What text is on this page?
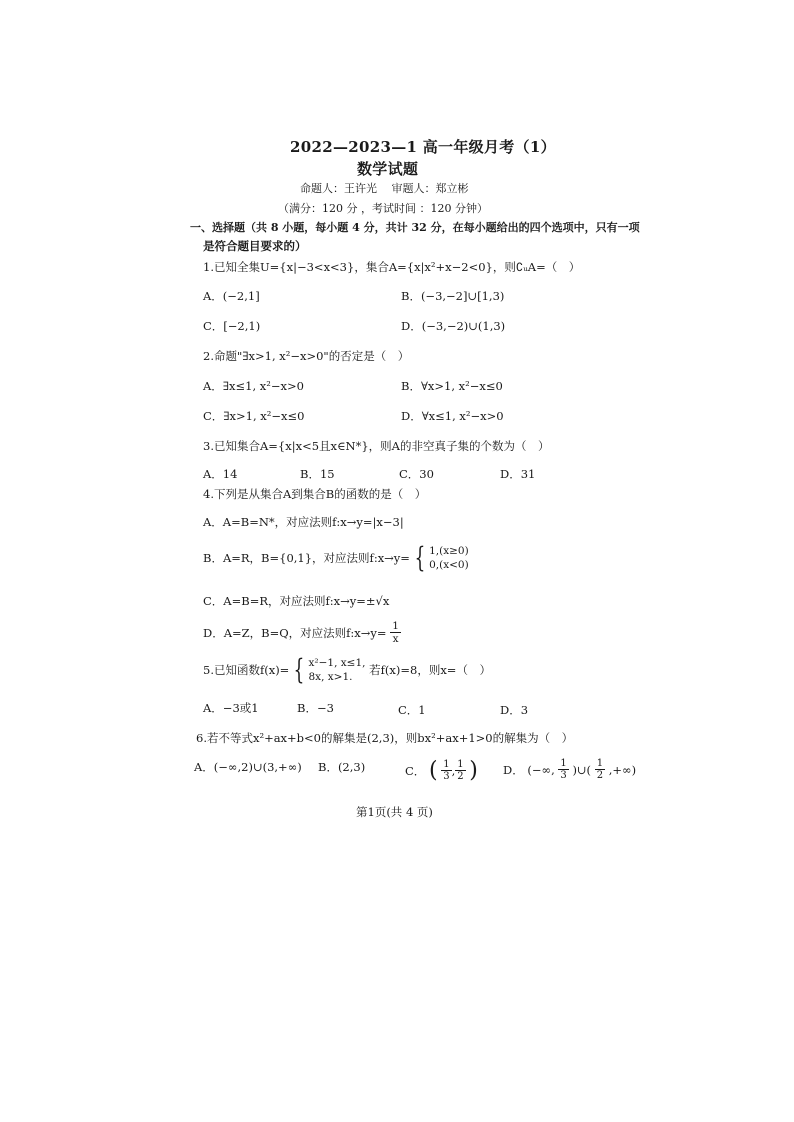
2022—2023—1 高一年级月考（1）
数学试题
命题人：王许光　 审题人：郑立彬
（满分：120 分 ，考试时间 ：120 分钟）
一、选择题（共 8 小题，每小题 4 分，共计 32 分，在每小题给出的四个选项中，只有一项
是符合题目要求的）
1.已知全集U={x|−3<x<3}，集合A={x|x²+x−2<0}，则∁ᵤA=（　）
A．(−2,1]	B．(−3,−2]∪[1,3)
C．[−2,1)	D．(−3,−2)∪(1,3)
2.命题"∃x>1, x²−x>0"的否定是（　）
A．∃x≤1, x²−x>0	B．∀x>1, x²−x≤0
C．∃x>1, x²−x≤0	D．∀x≤1, x²−x>0
3.已知集合A={x|x<5且x∈N*}，则A的非空真子集的个数为（　）
A．14	B．15	C．30	D．31
4.下列是从集合A到集合B的函数的是（　）
A．A=B=N*，对应法则f:x→y=|x−3|
B．A=R，B={0,1}，对应法则f:x→y= { 1,(x≥0)
0,(x<0)
C．A=B=R，对应法则f:x→y=±√x
D．A=Z，B=Q，对应法则f:x→y= $\frac{1}{x}$
5.已知函数f(x)= { x²−1, x≤1,
8x, x>1.	若f(x)=8，则x=（　）
A．−3或1	B．−3	C．1	D．3
6.若不等式x²+ax+b<0的解集是(2,3)，则bx²+ax+1>0的解集为（　）
A．(−∞,2)∪(3,+∞) B．(2,3)	C． ( $\frac{1}{3}$ , $\frac{1}{2}$ ) D． (−∞, $\frac{1}{3}$ )∪( $\frac{1}{2}$ ,+∞)
第1页(共 4 页)
